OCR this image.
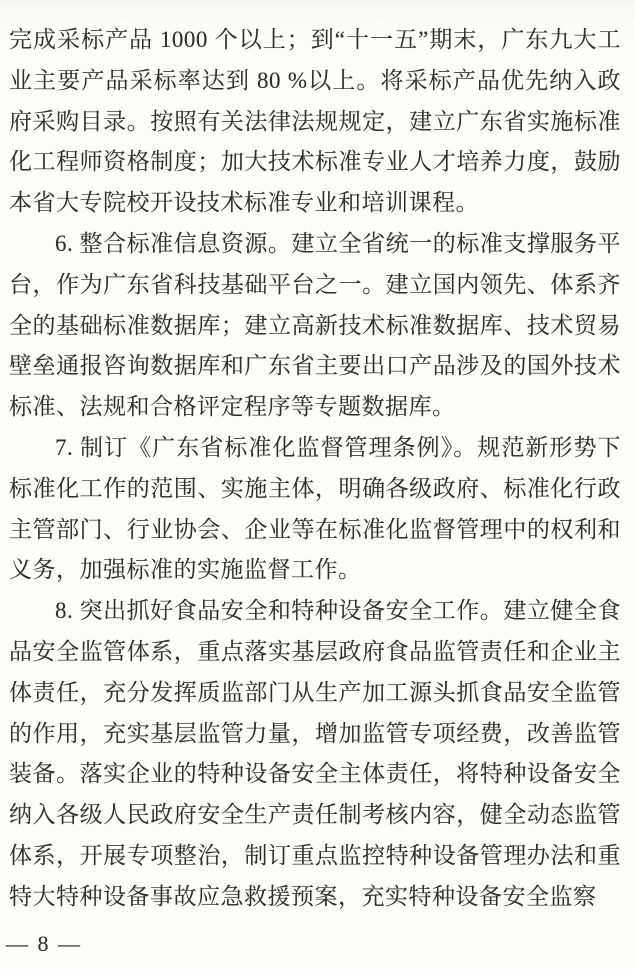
完成采标产品 1000 个以上；到“十一五”期末，广东九大工业主要产品采标率达到 80 %以上。将采标产品优先纳入政府采购目录。按照有关法律法规规定，建立广东省实施标准化工程师资格制度；加大技术标准专业人才培养力度，鼓励本省大专院校开设技术标准专业和培训课程。

6. 整合标准信息资源。建立全省统一的标准支撑服务平台，作为广东省科技基础平台之一。建立国内领先、体系齐全的基础标准数据库；建立高新技术标准数据库、技术贸易壁垒通报咨询数据库和广东省主要出口产品涉及的国外技术标准、法规和合格评定程序等专题数据库。

7. 制订《广东省标准化监督管理条例》。规范新形势下标准化工作的范围、实施主体，明确各级政府、标准化行政主管部门、行业协会、企业等在标准化监督管理中的权利和义务，加强标准的实施监督工作。

8. 突出抓好食品安全和特种设备安全工作。建立健全食品安全监管体系，重点落实基层政府食品监管责任和企业主体责任，充分发挥质监部门从生产加工源头抓食品安全监管的作用，充实基层监管力量，增加监管专项经费，改善监管装备。落实企业的特种设备安全主体责任，将特种设备安全纳入各级人民政府安全生产责任制考核内容，健全动态监管体系，开展专项整治，制订重点监控特种设备管理办法和重特大特种设备事故应急救援预案，充实特种设备安全监察

— 8 —
